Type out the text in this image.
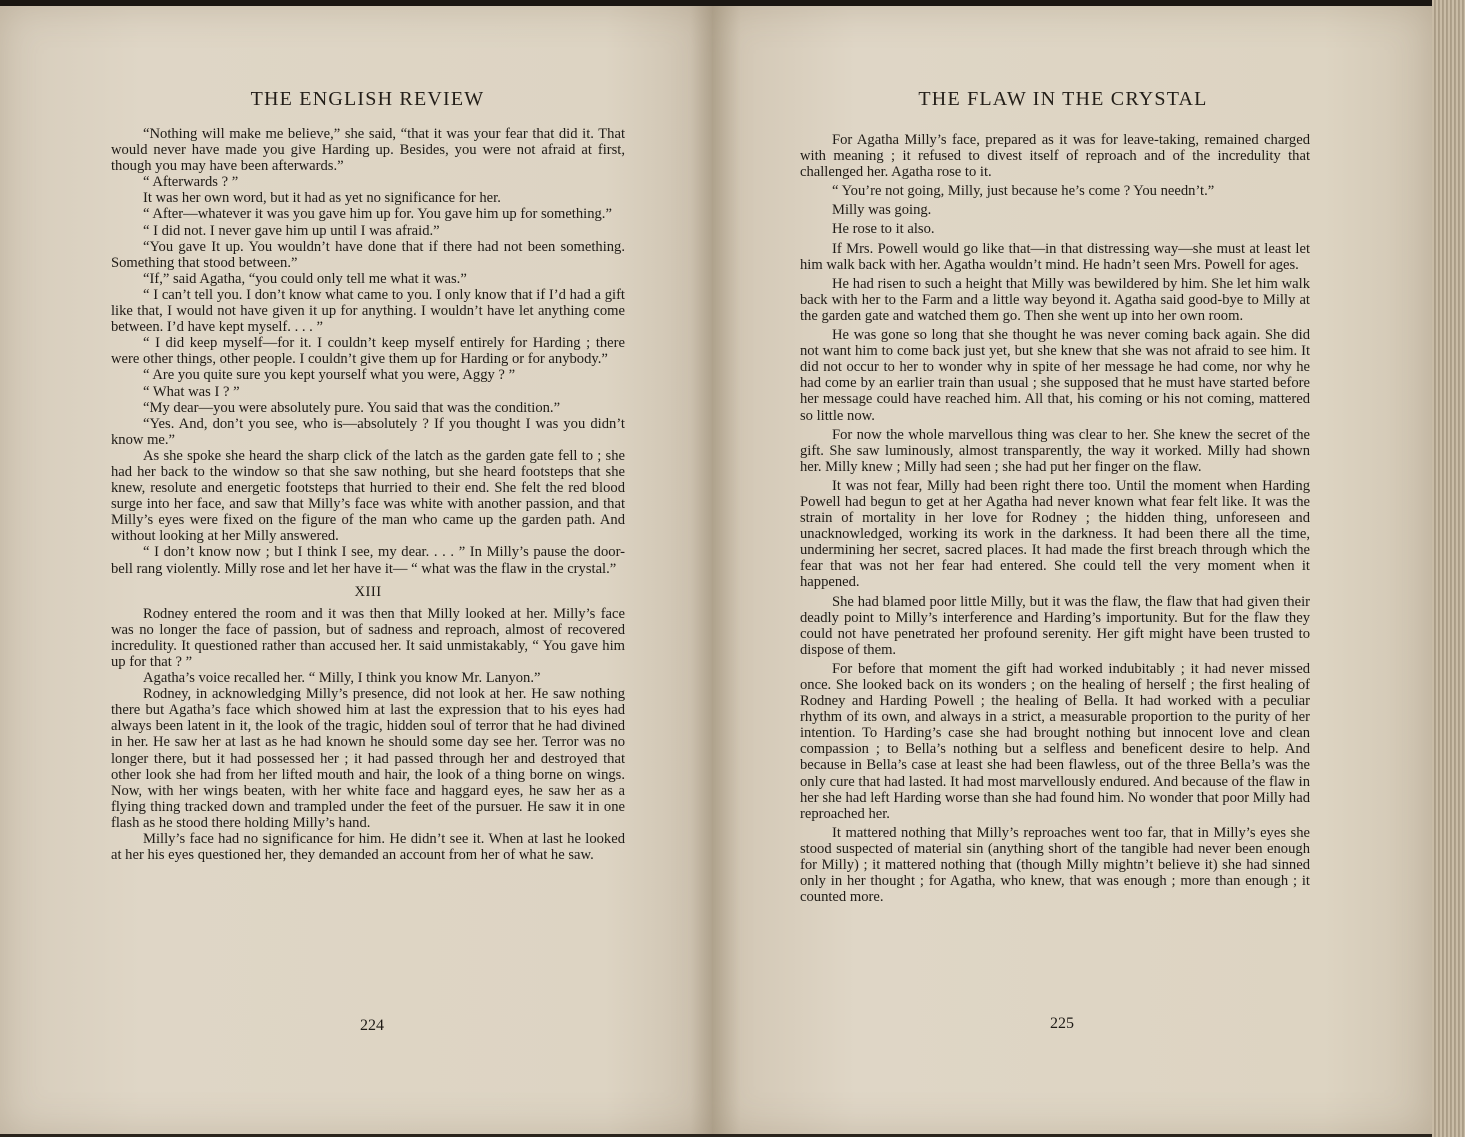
THE ENGLISH REVIEW

“Nothing will make me believe,” she said, “that it was your fear that did it. That would never have made you give Harding up. Besides, you were not afraid at first, though you may have been afterwards.”

“ Afterwards ? ”

It was her own word, but it had as yet no significance for her.

“ After—whatever it was you gave him up for. You gave him up for something.”

“ I did not. I never gave him up until I was afraid.”

“You gave It up. You wouldn’t have done that if there had not been something. Something that stood between.”

“If,” said Agatha, “you could only tell me what it was.”

“ I can’t tell you. I don’t know what came to you. I only know that if I’d had a gift like that, I would not have given it up for anything. I wouldn’t have let anything come between. I’d have kept myself. . . . ”

“ I did keep myself—for it. I couldn’t keep myself entirely for Harding ; there were other things, other people. I couldn’t give them up for Harding or for anybody.”

“ Are you quite sure you kept yourself what you were, Aggy ? ”

“ What was I ? ”

“My dear—you were absolutely pure. You said that was the condition.”

“Yes. And, don’t you see, who is—absolutely ? If you thought I was you didn’t know me.”

As she spoke she heard the sharp click of the latch as the garden gate fell to ; she had her back to the window so that she saw nothing, but she heard footsteps that she knew, resolute and energetic footsteps that hurried to their end. She felt the red blood surge into her face, and saw that Milly’s face was white with another passion, and that Milly’s eyes were fixed on the figure of the man who came up the garden path. And without looking at her Milly answered.

“ I don’t know now ; but I think I see, my dear. . . . ” In Milly’s pause the door-bell rang violently. Milly rose and let her have it— “ what was the flaw in the crystal.”

XIII

Rodney entered the room and it was then that Milly looked at her. Milly’s face was no longer the face of passion, but of sadness and reproach, almost of recovered incredulity. It questioned rather than accused her. It said unmistakably, “ You gave him up for that ? ”

Agatha’s voice recalled her. “ Milly, I think you know Mr. Lanyon.”

Rodney, in acknowledging Milly’s presence, did not look at her. He saw nothing there but Agatha’s face which showed him at last the expression that to his eyes had always been latent in it, the look of the tragic, hidden soul of terror that he had divined in her. He saw her at last as he had known he should some day see her. Terror was no longer there, but it had possessed her ; it had passed through her and destroyed that other look she had from her lifted mouth and hair, the look of a thing borne on wings. Now, with her wings beaten, with her white face and haggard eyes, he saw her as a flying thing tracked down and trampled under the feet of the pursuer. He saw it in one flash as he stood there holding Milly’s hand.

Milly’s face had no significance for him. He didn’t see it. When at last he looked at her his eyes questioned her, they demanded an account from her of what he saw.

224
THE FLAW IN THE CRYSTAL

For Agatha Milly’s face, prepared as it was for leave-taking, remained charged with meaning ; it refused to divest itself of reproach and of the incredulity that challenged her. Agatha rose to it.

“ You’re not going, Milly, just because he’s come ? You needn’t.”

Milly was going.

He rose to it also.

If Mrs. Powell would go like that—in that distressing way—she must at least let him walk back with her. Agatha wouldn’t mind. He hadn’t seen Mrs. Powell for ages.

He had risen to such a height that Milly was bewildered by him. She let him walk back with her to the Farm and a little way beyond it. Agatha said good-bye to Milly at the garden gate and watched them go. Then she went up into her own room.

He was gone so long that she thought he was never coming back again. She did not want him to come back just yet, but she knew that she was not afraid to see him. It did not occur to her to wonder why in spite of her message he had come, nor why he had come by an earlier train than usual ; she supposed that he must have started before her message could have reached him. All that, his coming or his not coming, mattered so little now.

For now the whole marvellous thing was clear to her. She knew the secret of the gift. She saw luminously, almost transparently, the way it worked. Milly had shown her. Milly knew ; Milly had seen ; she had put her finger on the flaw.

It was not fear, Milly had been right there too. Until the moment when Harding Powell had begun to get at her Agatha had never known what fear felt like. It was the strain of mortality in her love for Rodney ; the hidden thing, unforeseen and unacknowledged, working its work in the darkness. It had been there all the time, undermining her secret, sacred places. It had made the first breach through which the fear that was not her fear had entered. She could tell the very moment when it happened.

She had blamed poor little Milly, but it was the flaw, the flaw that had given their deadly point to Milly’s interference and Harding’s importunity. But for the flaw they could not have penetrated her profound serenity. Her gift might have been trusted to dispose of them.

For before that moment the gift had worked indubitably ; it had never missed once. She looked back on its wonders ; on the healing of herself ; the first healing of Rodney and Harding Powell ; the healing of Bella. It had worked with a peculiar rhythm of its own, and always in a strict, a measurable proportion to the purity of her intention. To Harding’s case she had brought nothing but innocent love and clean compassion ; to Bella’s nothing but a selfless and beneficent desire to help. And because in Bella’s case at least she had been flawless, out of the three Bella’s was the only cure that had lasted. It had most marvellously endured. And because of the flaw in her she had left Harding worse than she had found him. No wonder that poor Milly had reproached her.

It mattered nothing that Milly’s reproaches went too far, that in Milly’s eyes she stood suspected of material sin (anything short of the tangible had never been enough for Milly) ; it mattered nothing that (though Milly mightn’t believe it) she had sinned only in her thought ; for Agatha, who knew, that was enough ; more than enough ; it counted more.

225
